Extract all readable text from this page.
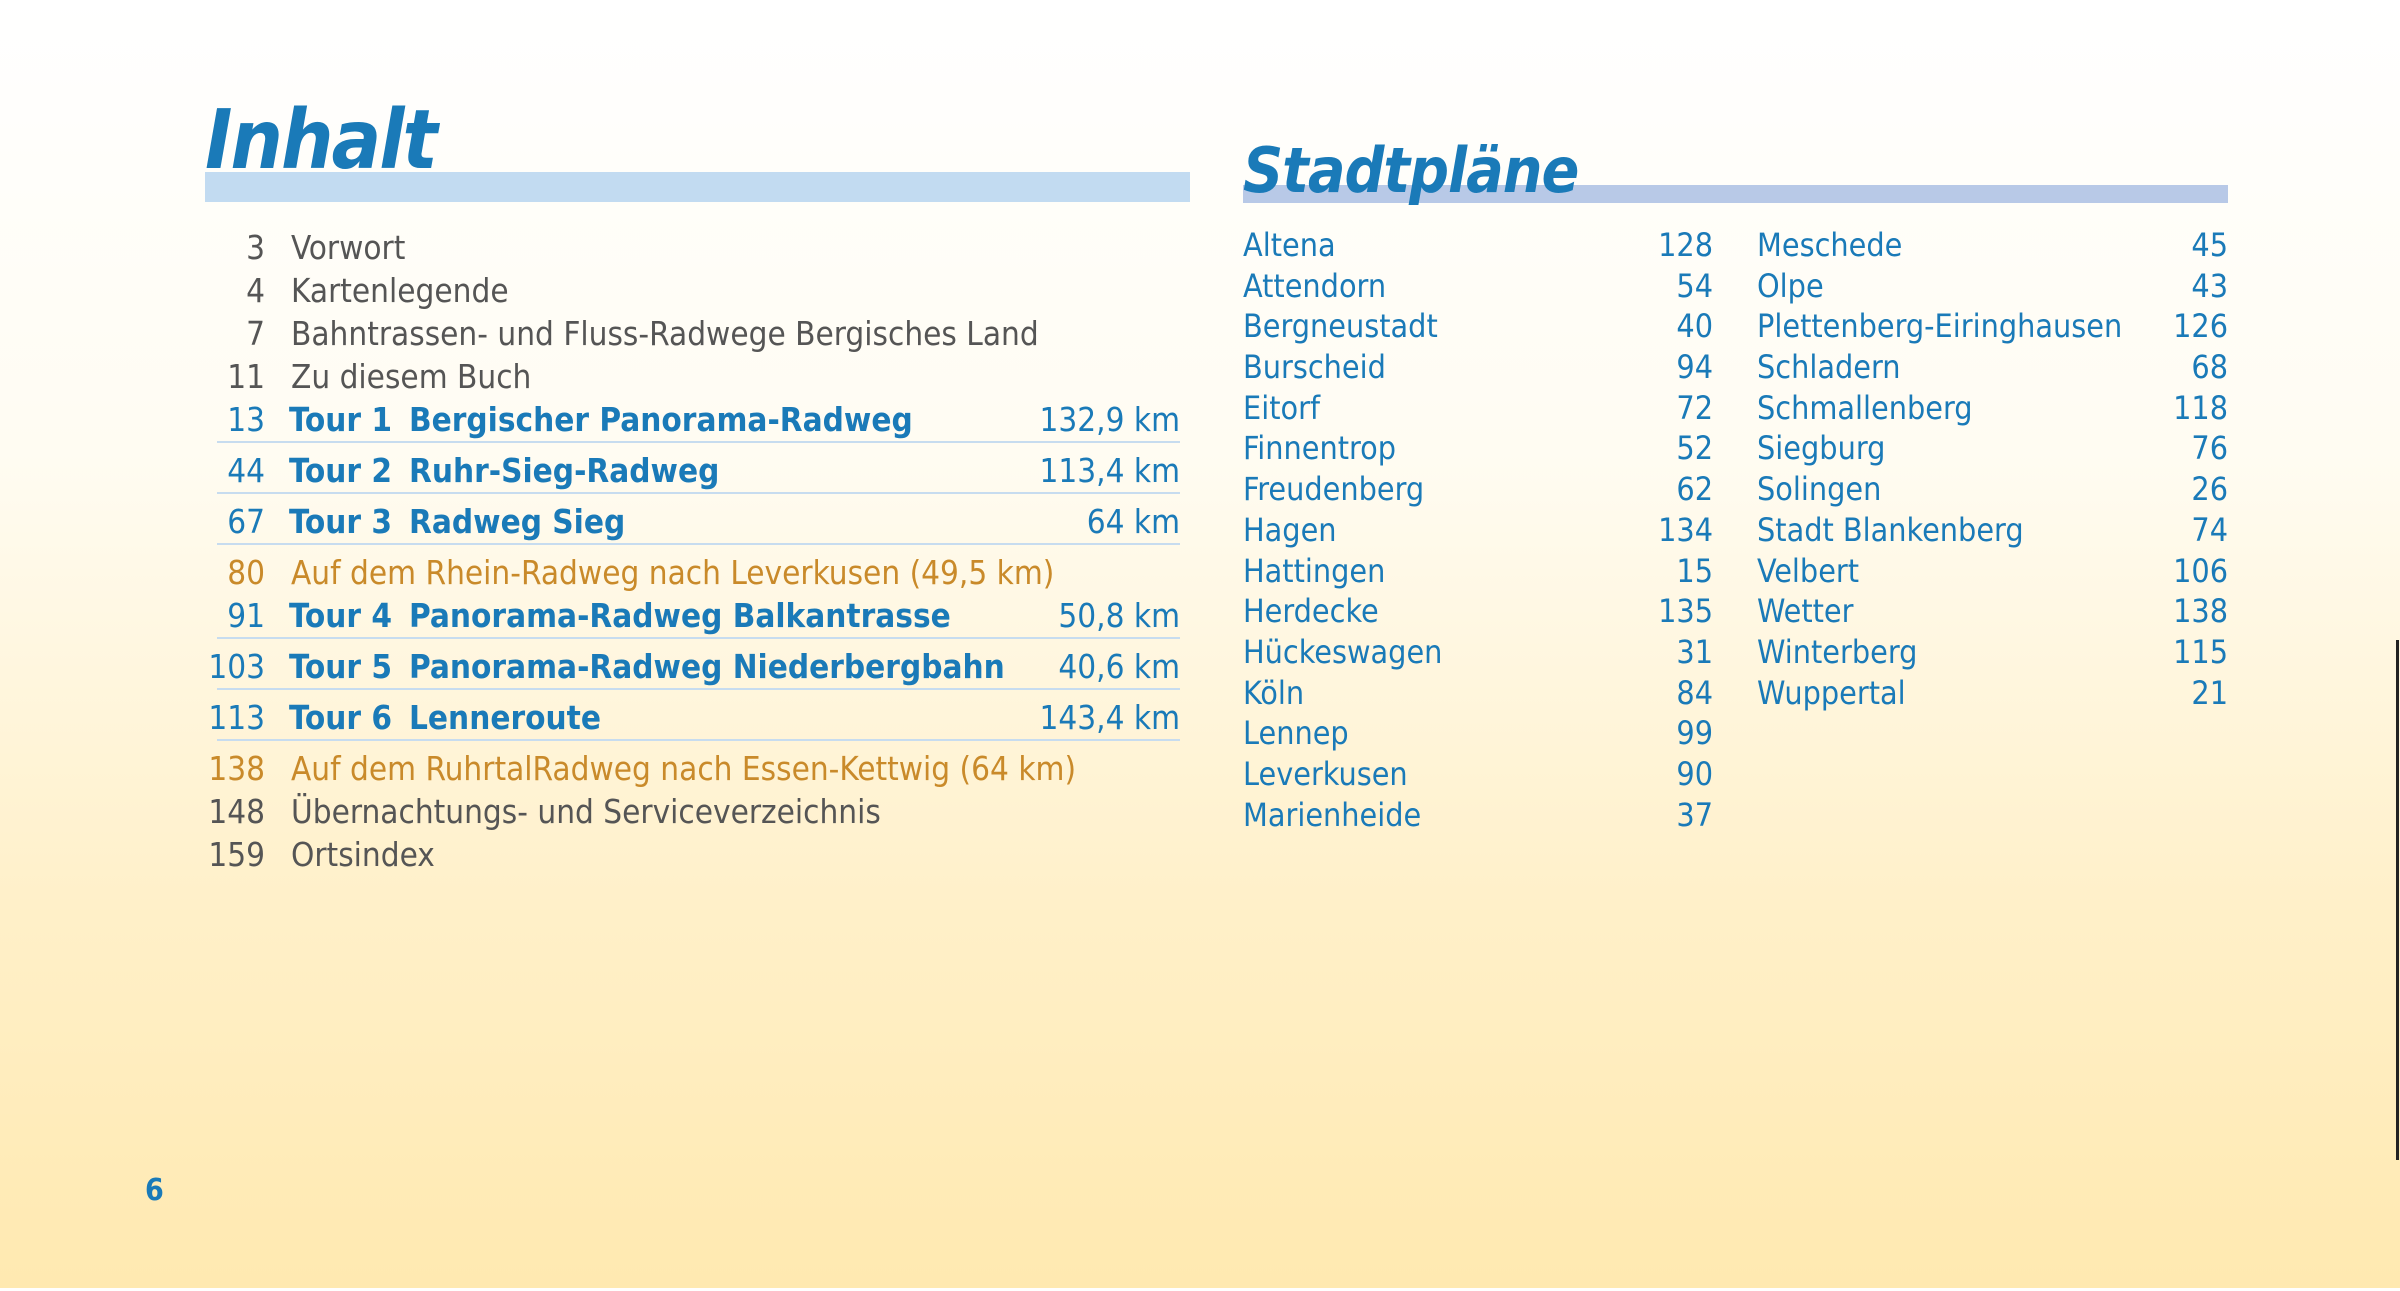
Inhalt
3 Vorwort
4 Kartenlegende
7 Bahntrassen- und Fluss-Radwege Bergisches Land
11 Zu diesem Buch
13 Tour 1 Bergischer Panorama-Radweg	132,9 km
44 Tour 2 Ruhr-Sieg-Radweg	113,4 km
67 Tour 3 Radweg Sieg	64 km
80 Auf dem Rhein-Radweg nach Leverkusen (49,5 km)
91 Tour 4 Panorama-Radweg Balkantrasse	50,8 km
103 Tour 5 Panorama-Radweg Niederbergbahn	40,6 km
113 Tour 6 Lenneroute	143,4 km
138 Auf dem RuhrtalRadweg nach Essen-Kettwig (64 km)
148 Übernachtungs- und Serviceverzeichnis
159 Ortsindex
Stadtpläne
Altena	128
Attendorn	54
Bergneustadt	40
Burscheid	94
Eitorf	72
Finnentrop	52
Freudenberg	62
Hagen	134
Hattingen	15
Herdecke	135
Hückeswagen	31
Köln	84
Lennep	99
Leverkusen	90
Marienheide	37
Meschede	45
Olpe	43
Plettenberg-Eiringhausen 126
Schladern	68
Schmallenberg	118
Siegburg	76
Solingen	26
Stadt Blankenberg	74
Velbert	106
Wetter	138
Winterberg	115
Wuppertal	21
6
